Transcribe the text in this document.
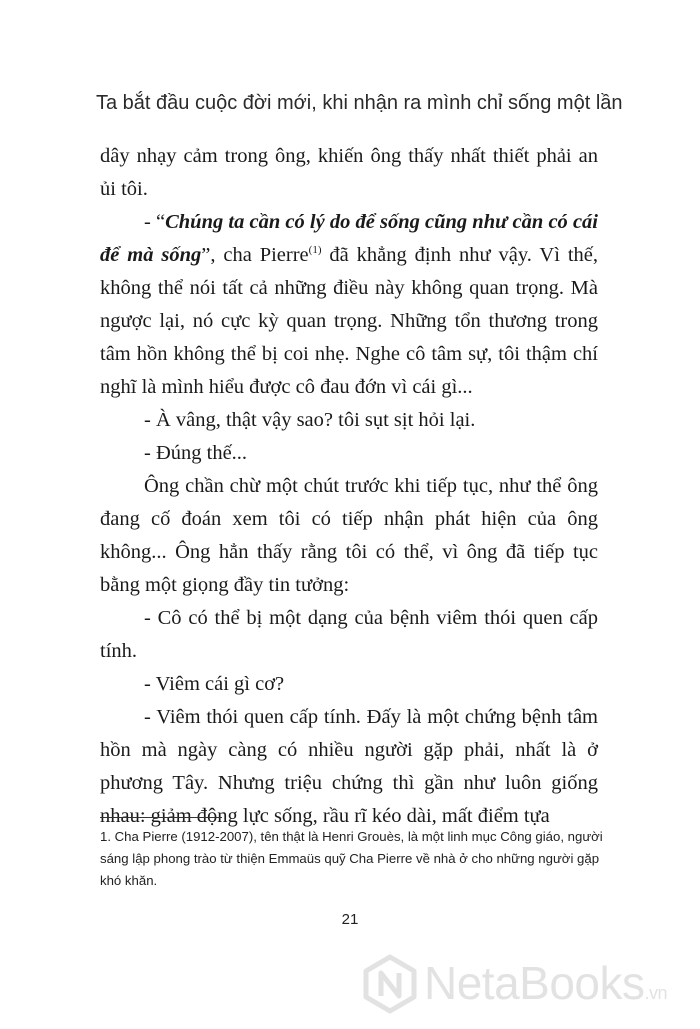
Ta bắt đầu cuộc đời mới, khi nhận ra mình chỉ sống một lần

dây nhạy cảm trong ông, khiến ông thấy nhất thiết phải an ủi tôi.

- “Chúng ta cần có lý do để sống cũng như cần có cái để mà sống”, cha Pierre$^{(1)}$ đã khẳng định như vậy. Vì thế, không thể nói tất cả những điều này không quan trọng. Mà ngược lại, nó cực kỳ quan trọng. Những tổn thương trong tâm hồn không thể bị coi nhẹ. Nghe cô tâm sự, tôi thậm chí nghĩ là mình hiểu được cô đau đớn vì cái gì...

- À vâng, thật vậy sao? tôi sụt sịt hỏi lại.

- Đúng thế...

Ông chần chừ một chút trước khi tiếp tục, như thể ông đang cố đoán xem tôi có tiếp nhận phát hiện của ông không... Ông hẳn thấy rằng tôi có thể, vì ông đã tiếp tục bằng một giọng đầy tin tưởng:

- Cô có thể bị một dạng của bệnh viêm thói quen cấp tính.

- Viêm cái gì cơ?

- Viêm thói quen cấp tính. Đấy là một chứng bệnh tâm hồn mà ngày càng có nhiều người gặp phải, nhất là ở phương Tây. Nhưng triệu chứng thì gần như luôn giống nhau: giảm động lực sống, rầu rĩ kéo dài, mất điểm tựa

1. Cha Pierre (1912-2007), tên thật là Henri Grouès, là một linh mục Công giáo, người sáng lập phong trào từ thiện Emmaüs quỹ Cha Pierre về nhà ở cho những người gặp khó khăn.

21
NetaBooks.vn
